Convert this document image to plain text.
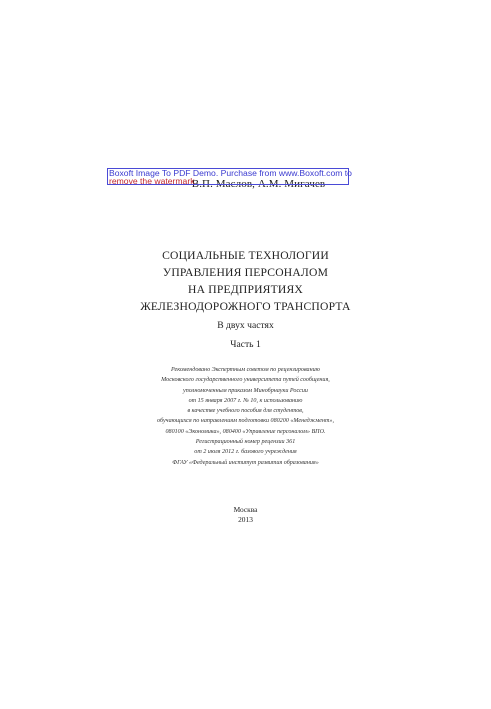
В.П. Маслов, А.М. Мигачев
Boxoft Image To PDF Demo. Purchase from www.Boxoft.com to
remove the watermark
СОЦИАЛЬНЫЕ ТЕХНОЛОГИИ
УПРАВЛЕНИЯ ПЕРСОНАЛОМ
НА ПРЕДПРИЯТИЯХ
ЖЕЛЕЗНОДОРОЖНОГО ТРАНСПОРТА
В двух частях
Часть 1
Рекомендовано Экспертным советом по рецензированию
Московского государственного университета путей сообщения,
уполномоченным приказом Минобрнауки России
от 15 января 2007 г. № 10, к использованию
в качестве учебного пособия для студентов,
обучающихся по направлениям подготовки 080200 «Менеджмент»,
080100 «Экономика», 080400 «Управление персоналом» ВПО.
Регистрационный номер рецензии 361
от 2 июля 2012 г. базового учреждения
ФГАУ «Федеральный институт развития образования»
Москва
2013
